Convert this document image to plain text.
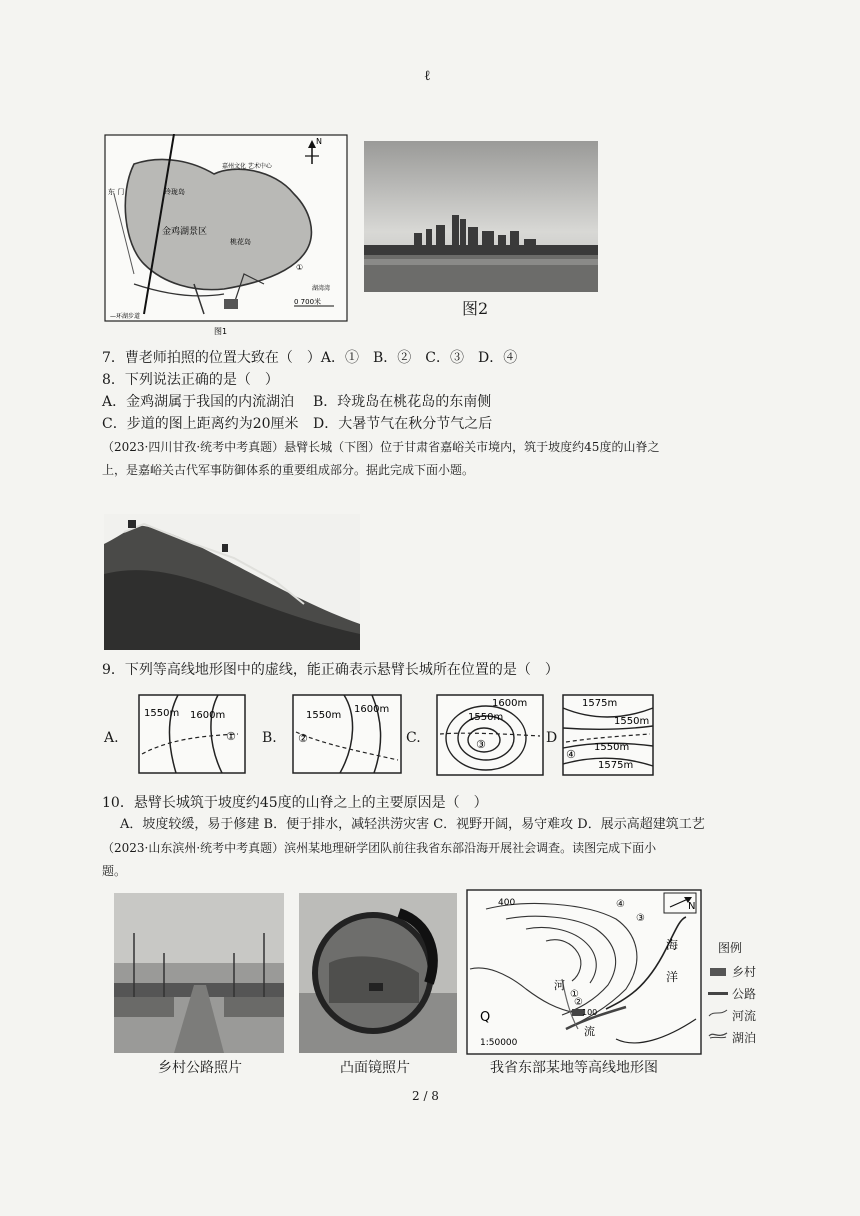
ℓ
N
嘉州文化 艺术中心
金鸡湖景区
桃花岛
玲珑岛
东 门
①
湖湾湾
0 700米
—环湖步道
图1
图2
7．曹老师拍照的位置大致在（　）A．①　B．②　C．③　D．④
8．下列说法正确的是（　）
A．金鸡湖属于我国的内流湖泊 B．玲珑岛在桃花岛的东南侧
C．步道的图上距离约为20厘米 D．大暑节气在秋分节气之后
（2023·四川甘孜·统考中考真题）悬臂长城（下图）位于甘肃省嘉峪关市境内，筑于坡度约45度的山脊之
上，是嘉峪关古代军事防御体系的重要组成部分。据此完成下面小题。
9．下列等高线地形图中的虚线，能正确表示悬臂长城所在位置的是（　）
A.
1550m 1600m
① B.
1550m
1600m
②	C.
1600m
1550m
③	D
1575m
1550m
1550m
1575m
④
10．悬臂长城筑于坡度约45度的山脊之上的主要原因是（　）
A．坡度较缓，易于修建 B．便于排水，减轻洪涝灾害 C．视野开阔，易守难攻 D．展示高超建筑工艺
（2023·山东滨州·统考中考真题）滨州某地理研学团队前往我省东部沿海开展社会调查。读图完成下面小
题。
乡村公路照片	凸面镜照片
N
400
100
海
洋
河
流
Q
1:50000
①
②
③
④
我省东部某地等高线地形图
图例
乡村
公路
河流
湖泊
2 / 8
